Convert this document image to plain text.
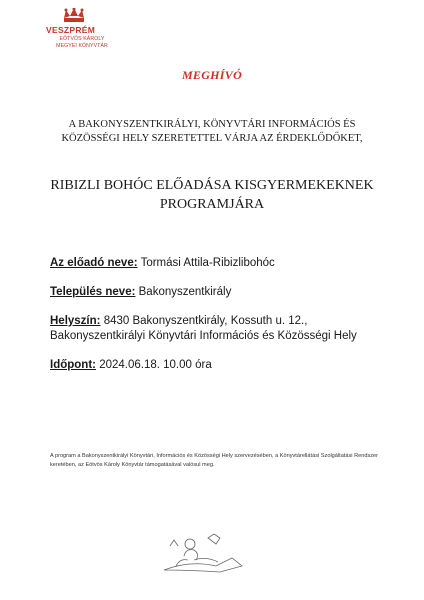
VESZPRÉM
EÖTVÖS KÁROLY
MEGYEI KÖNYVTÁR
MEGHÍVÓ
A BAKONYSZENTKIRÁLYI, KÖNYVTÁRI INFORMÁCIÓS ÉS KÖZÖSSÉGI HELY SZERETETTEL VÁRJA AZ ÉRDEKLŐDŐKET,
RIBIZLI BOHÓC ELŐADÁSA KISGYERMEKEKNEK PROGRAMJÁRA

Az előadó neve: Tormási Attila-Ribizlibohóc

Település neve: Bakonyszentkirály

Helyszín: 8430 Bakonyszentkirály, Kossuth u. 12., Bakonyszentkirályi Könyvtári Információs és Közösségi Hely

Időpont: 2024.06.18. 10.00 óra

A program a Bakonyszentkirályi Könyvtári, Információs és Közösségi Hely szervezésében, a Könyvtárellátási Szolgáltatási Rendszer keretében, az Eötvös Károly Könyvtár támogatásával valósul meg.
